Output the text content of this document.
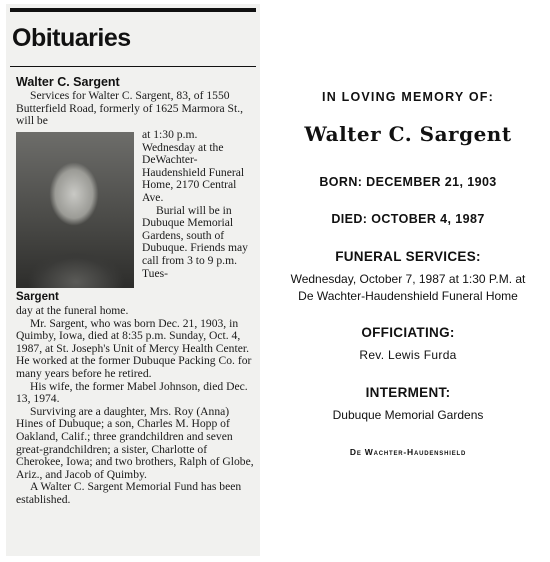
Obituaries
Walter C. Sargent

Services for Walter C. Sargent, 83, of 1550 Butterfield Road, formerly of 1625 Marmora St., will be

at 1:30 p.m. Wednesday at the DeWachter-Haudenshield Funeral Home, 2170 Central Ave.

Burial will be in Dubuque Memorial Gardens, south of Dubuque. Friends may call from 3 to 9 p.m. Tues-

Sargent

day at the funeral home.

Mr. Sargent, who was born Dec. 21, 1903, in Quimby, Iowa, died at 8:35 p.m. Sunday, Oct. 4, 1987, at St. Joseph's Unit of Mercy Health Center. He worked at the former Dubuque Packing Co. for many years before he retired.

His wife, the former Mabel Johnson, died Dec. 13, 1974.

Surviving are a daughter, Mrs. Roy (Anna) Hines of Dubuque; a son, Charles M. Hopp of Oakland, Calif.; three grandchildren and seven great-grandchildren; a sister, Charlotte of Cherokee, Iowa; and two brothers, Ralph of Globe, Ariz., and Jacob of Quimby.

A Walter C. Sargent Memorial Fund has been established.

IN LOVING MEMORY OF:

Walter C. Sargent

BORN: DECEMBER 21, 1903

DIED: OCTOBER 4, 1987

FUNERAL SERVICES:

Wednesday, October 7, 1987 at 1:30 P.M. at

De Wachter-Haudenshield Funeral Home

OFFICIATING:

Rev. Lewis Furda

INTERMENT:

Dubuque Memorial Gardens

De Wachter-Haudenshield
